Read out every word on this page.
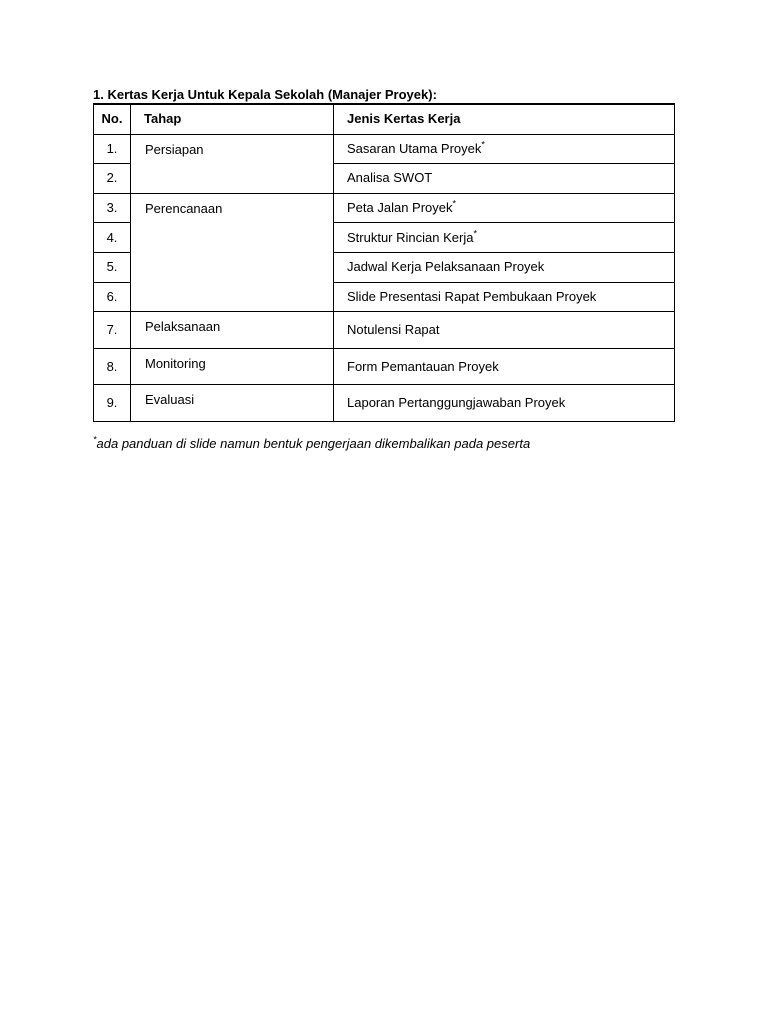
1. Kertas Kerja Untuk Kepala Sekolah (Manajer Proyek):
No.	Tahap	Jenis Kertas Kerja
1.	Persiapan	Sasaran Utama Proyek*
2.		Analisa SWOT
3.	Perencanaan	Peta Jalan Proyek*
4.		Struktur Rincian Kerja*
5.		Jadwal Kerja Pelaksanaan Proyek
6.		Slide Presentasi Rapat Pembukaan Proyek
7.	Pelaksanaan	Notulensi Rapat
8.	Monitoring	Form Pemantauan Proyek
9.	Evaluasi	Laporan Pertanggungjawaban Proyek
*ada panduan di slide namun bentuk pengerjaan dikembalikan pada peserta
